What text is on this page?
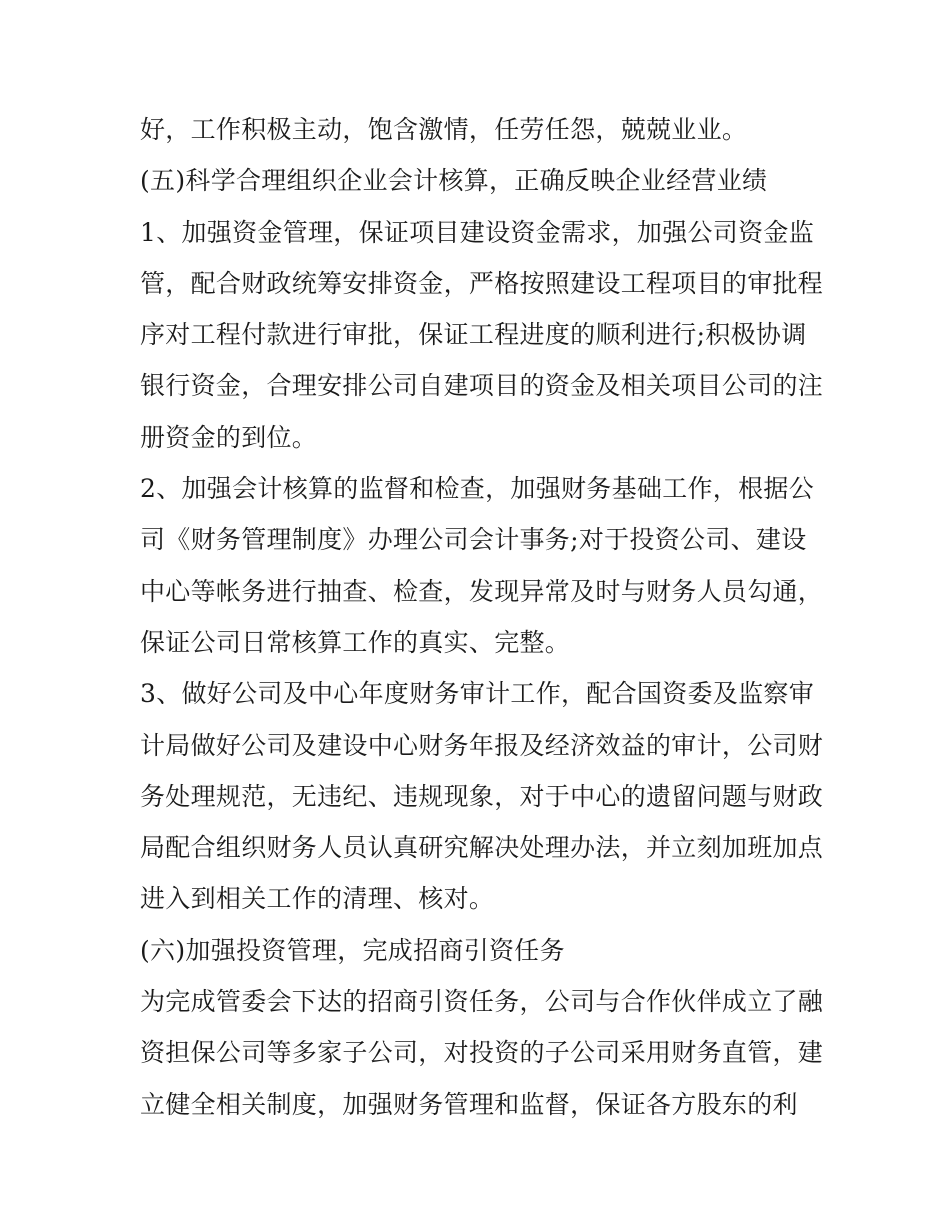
好，工作积极主动，饱含激情，任劳任怨，兢兢业业。
(五)科学合理组织企业会计核算，正确反映企业经营业绩
1、加强资金管理，保证项目建设资金需求，加强公司资金监
管，配合财政统筹安排资金，严格按照建设工程项目的审批程
序对工程付款进行审批，保证工程进度的顺利进行;积极协调
银行资金，合理安排公司自建项目的资金及相关项目公司的注
册资金的到位。
2、加强会计核算的监督和检查，加强财务基础工作，根据公
司《财务管理制度》办理公司会计事务;对于投资公司、建设
中心等帐务进行抽查、检查，发现异常及时与财务人员勾通，
保证公司日常核算工作的真实、完整。
3、做好公司及中心年度财务审计工作，配合国资委及监察审
计局做好公司及建设中心财务年报及经济效益的审计，公司财
务处理规范，无违纪、违规现象，对于中心的遗留问题与财政
局配合组织财务人员认真研究解决处理办法，并立刻加班加点
进入到相关工作的清理、核对。
(六)加强投资管理，完成招商引资任务
为完成管委会下达的招商引资任务，公司与合作伙伴成立了融
资担保公司等多家子公司，对投资的子公司采用财务直管，建
立健全相关制度，加强财务管理和监督，保证各方股东的利
